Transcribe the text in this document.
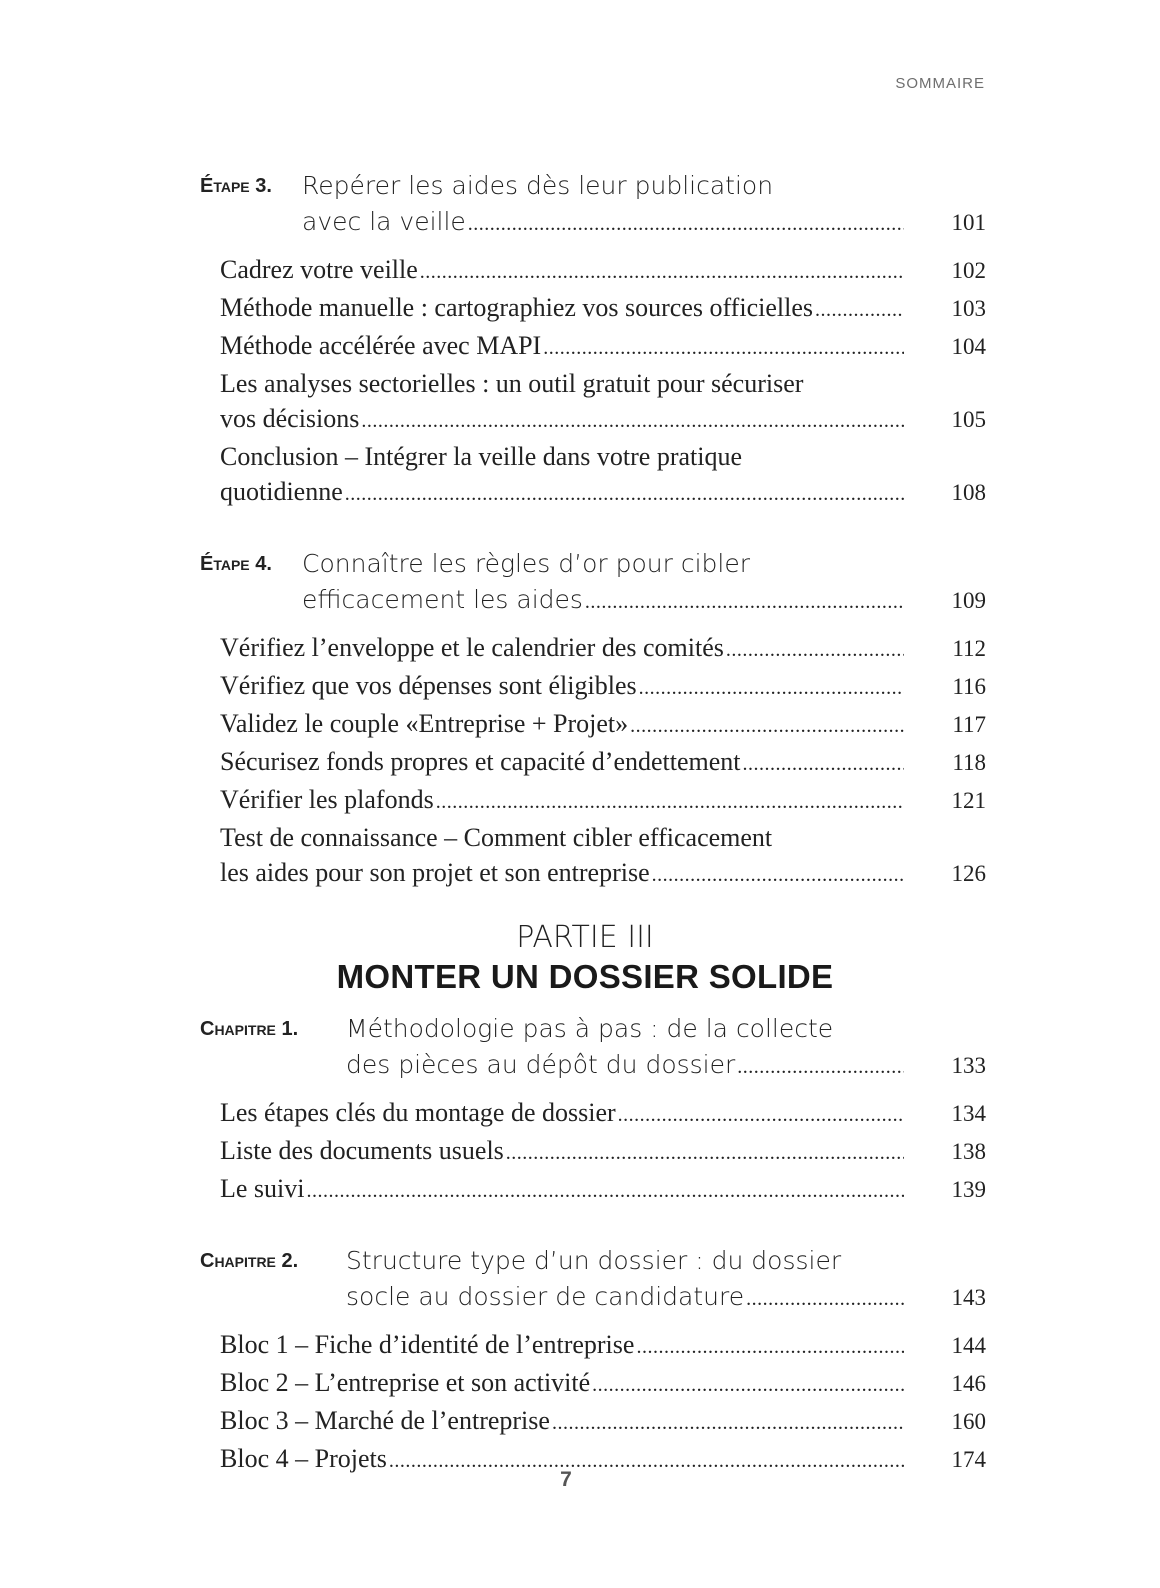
SOMMAIRE
Étape 3.	Repérer les aides dès leur publication
avec la veille .....	101
Cadrez votre veille .....	102
Méthode manuelle : cartographiez vos sources officielles .....	103
Méthode accélérée avec MAPI .....	104
Les analyses sectorielles : un outil gratuit pour sécuriser
vos décisions .....	105
Conclusion – Intégrer la veille dans votre pratique
quotidienne .....	108
Étape 4.	Connaître les règles d’or pour cibler
efficacement les aides .....	109
Vérifiez l’enveloppe et le calendrier des comités .....	112
Vérifiez que vos dépenses sont éligibles .....	116
Validez le couple «Entreprise + Projet» .....	117
Sécurisez fonds propres et capacité d’endettement .....	118
Vérifier les plafonds .....	121
Test de connaissance – Comment cibler efficacement
les aides pour son projet et son entreprise .....	126
PARTIE III
MONTER UN DOSSIER SOLIDE
Chapitre 1.	Méthodologie pas à pas : de la collecte
des pièces au dépôt du dossier .....	133
Les étapes clés du montage de dossier .....	134
Liste des documents usuels .....	138
Le suivi .....	139
Chapitre 2.	Structure type d’un dossier : du dossier
socle au dossier de candidature .....	143
Bloc 1 – Fiche d’identité de l’entreprise .....	144
Bloc 2 – L’entreprise et son activité .....	146
Bloc 3 – Marché de l’entreprise .....	160
Bloc 4 – Projets .....	174
7
